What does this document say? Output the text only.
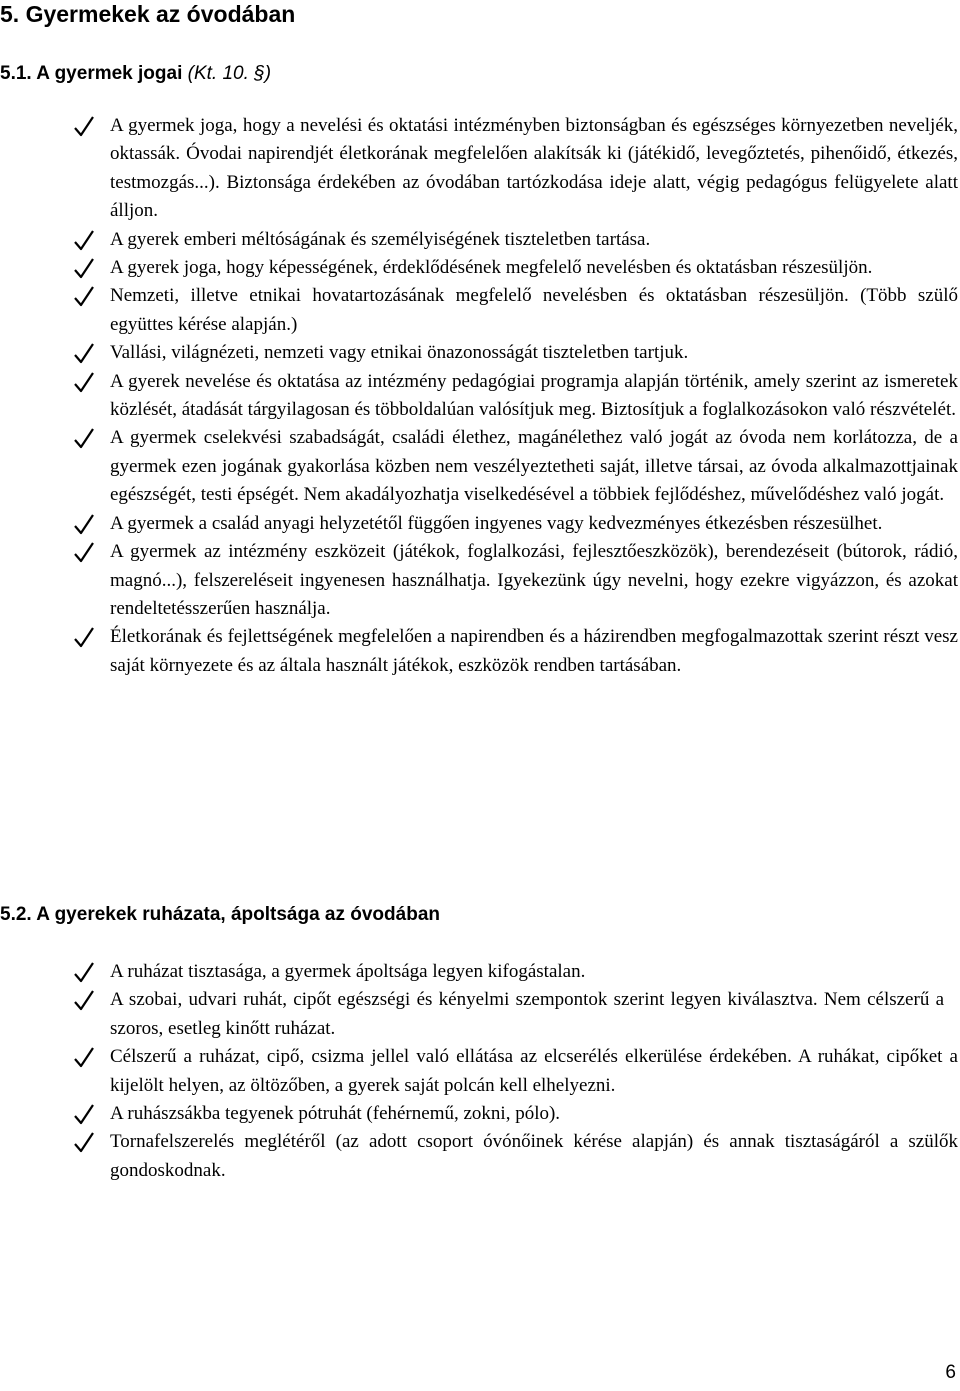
5. Gyermekek az óvodában
5.1. A gyermek jogai (Kt. 10. §)
A gyermek joga, hogy a nevelési és oktatási intézményben biztonságban és egészséges környezetben neveljék, oktassák. Óvodai napirendjét életkorának megfelelően alakítsák ki (játékidő, levegőztetés, pihenőidő, étkezés, testmozgás...). Biztonsága érdekében az óvodában tartózkodása ideje alatt, végig pedagógus felügyelete alatt álljon.
A gyerek emberi méltóságának és személyiségének tiszteletben tartása.
A gyerek joga, hogy képességének, érdeklődésének megfelelő nevelésben és oktatásban részesüljön.
Nemzeti, illetve etnikai hovatartozásának megfelelő nevelésben és oktatásban részesüljön. (Több szülő együttes kérése alapján.)
Vallási, világnézeti, nemzeti vagy etnikai önazonosságát tiszteletben tartjuk.
A gyerek nevelése és oktatása az intézmény pedagógiai programja alapján történik, amely szerint az ismeretek közlését, átadását tárgyilagosan és többoldalúan valósítjuk meg. Biztosítjuk a foglalkozásokon való részvételét.
A gyermek cselekvési szabadságát, családi élethez, magánélethez való jogát az óvoda nem korlátozza, de a gyermek ezen jogának gyakorlása közben nem veszélyeztetheti saját, illetve társai, az óvoda alkalmazottjainak egészségét, testi épségét. Nem akadályozhatja viselkedésével a többiek fejlődéshez, művelődéshez való jogát.
A gyermek a család anyagi helyzetétől függően ingyenes vagy kedvezményes étkezésben részesülhet.
A gyermek az intézmény eszközeit (játékok, foglalkozási, fejlesztőeszközök), berendezéseit (bútorok, rádió, magnó...), felszereléseit ingyenesen használhatja. Igyekezünk úgy nevelni, hogy ezekre vigyázzon, és azokat rendeltetésszerűen használja.
Életkorának és fejlettségének megfelelően a napirendben és a házirendben megfogalmazottak szerint részt vesz saját környezete és az általa használt játékok, eszközök rendben tartásában.
5.2. A gyerekek ruházata, ápoltsága az óvodában
A ruházat tisztasága, a gyermek ápoltsága legyen kifogástalan.
A szobai, udvari ruhát, cipőt egészségi és kényelmi szempontok szerint legyen kiválasztva. Nem célszerű a szoros, esetleg kinőtt ruházat.
Célszerű a ruházat, cipő, csizma jellel való ellátása az elcserélés elkerülése érdekében. A ruhákat, cipőket a kijelölt helyen, az öltözőben, a gyerek saját polcán kell elhelyezni.
A ruhászsákba tegyenek pótruhát (fehérnemű, zokni, pólo).
Tornafelszerelés meglétéről (az adott csoport óvónőinek kérése alapján) és annak tisztaságáról a szülők gondoskodnak.

6
